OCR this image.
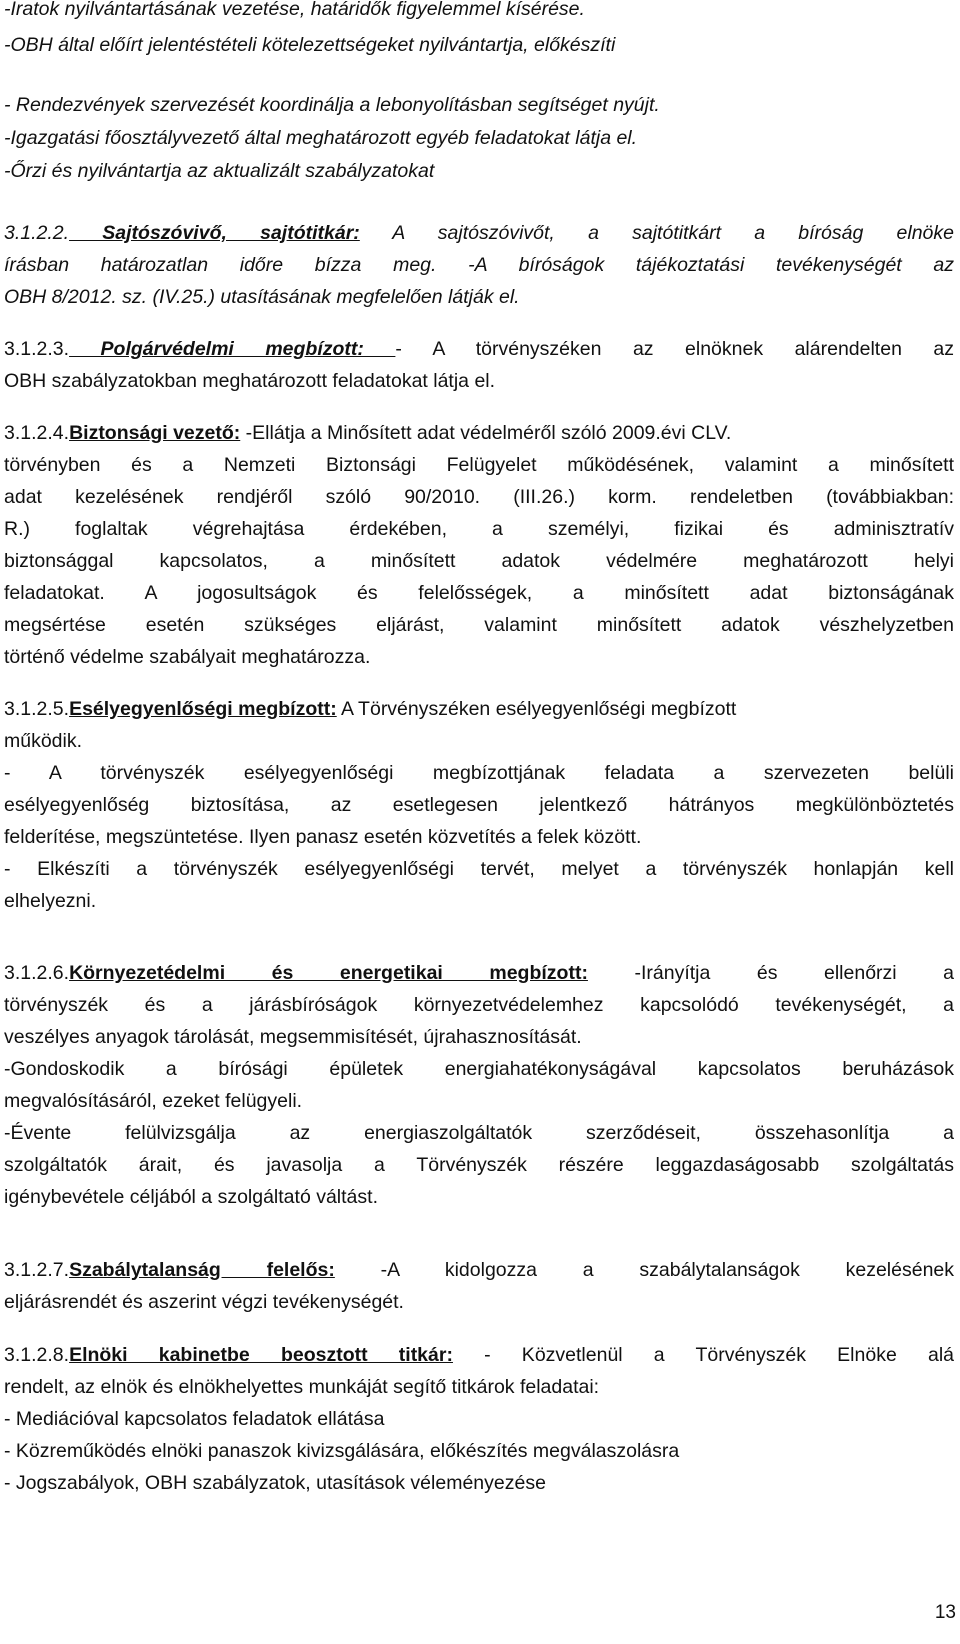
-Iratok nyilvántartásának vezetése, határidők figyelemmel kísérése.
-OBH által előírt jelentéstételi kötelezettségeket nyilvántartja, előkészíti
- Rendezvények szervezését koordinálja a lebonyolításban segítséget nyújt.
-Igazgatási főosztályvezető által meghatározott egyéb feladatokat látja el.
-Őrzi és nyilvántartja az aktualizált szabályzatokat
3.1.2.2. Sajtószóvivő, sajtótitkár: A sajtószóvivőt, a sajtótitkárt a bíróság elnöke
írásban határozatlan időre bízza meg. -A bíróságok tájékoztatási tevékenységét az
OBH 8/2012. sz. (IV.25.) utasításának megfelelően látják el.
3.1.2.3. Polgárvédelmi megbízott: - A törvényszéken az elnöknek alárendelten az
OBH szabályzatokban meghatározott feladatokat látja el.
3.1.2.4.Biztonsági vezető: -Ellátja a Minősített adat védelméről szóló 2009.évi CLV.
törvényben és a Nemzeti Biztonsági Felügyelet működésének, valamint a minősített
adat kezelésének rendjéről szóló 90/2010. (III.26.) korm. rendeletben (továbbiakban:
R.) foglaltak végrehajtása érdekében, a személyi, fizikai és adminisztratív
biztonsággal kapcsolatos, a minősített adatok védelmére meghatározott helyi
feladatokat. A jogosultságok és felelősségek, a minősített adat biztonságának
megsértése esetén szükséges eljárást, valamint minősített adatok vészhelyzetben
történő védelme szabályait meghatározza.
3.1.2.5.Esélyegyenlőségi megbízott: A Törvényszéken esélyegyenlőségi megbízott
működik.
- A törvényszék esélyegyenlőségi megbízottjának feladata a szervezeten belüli
esélyegyenlőség biztosítása, az esetlegesen jelentkező hátrányos megkülönböztetés
felderítése, megszüntetése. Ilyen panasz esetén közvetítés a felek között.
- Elkészíti a törvényszék esélyegyenlőségi tervét, melyet a törvényszék honlapján kell
elhelyezni.
3.1.2.6.Környezetédelmi és energetikai megbízott: -Irányítja és ellenőrzi a
törvényszék és a járásbíróságok környezetvédelemhez kapcsolódó tevékenységét, a
veszélyes anyagok tárolását, megsemmisítését, újrahasznosítását.
-Gondoskodik a bírósági épületek energiahatékonyságával kapcsolatos beruházások
megvalósításáról, ezeket felügyeli.
-Évente felülvizsgálja az energiaszolgáltatók szerződéseit, összehasonlítja a
szolgáltatók árait, és javasolja a Törvényszék részére leggazdaságosabb szolgáltatás
igénybevétele céljából a szolgáltató váltást.
3.1.2.7.Szabálytalanság felelős: -A kidolgozza a szabálytalanságok kezelésének
eljárásrendét és aszerint végzi tevékenységét.
3.1.2.8.Elnöki kabinetbe beosztott titkár: - Közvetlenül a Törvényszék Elnöke alá
rendelt, az elnök és elnökhelyettes munkáját segítő titkárok feladatai:
- Mediációval kapcsolatos feladatok ellátása
- Közreműködés elnöki panaszok kivizsgálására, előkészítés megválaszolásra
- Jogszabályok, OBH szabályzatok, utasítások véleményezése
13
